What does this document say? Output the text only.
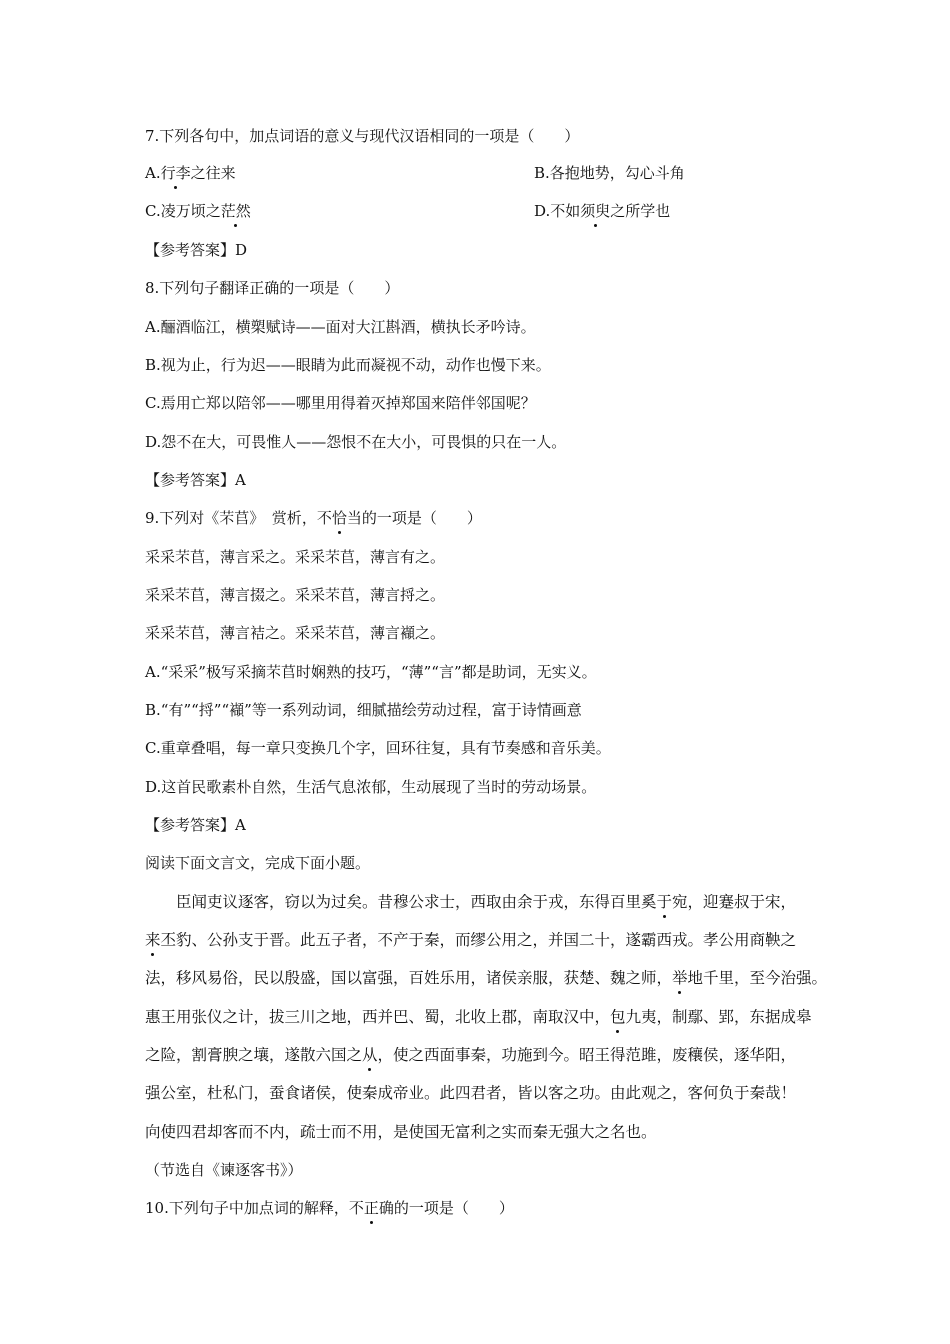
7.下列各句中，加点词语的意义与现代汉语相同的一项是（　　）
A.行李之往来	B.各抱地势，勾心斗角
C.凌万顷之茫然	D.不如须臾之所学也
【参考答案】D
8.下列句子翻译正确的一项是（　　）
A.酾酒临江，横槊赋诗——面对大江斟酒，横执长矛吟诗。
B.视为止，行为迟——眼睛为此而凝视不动，动作也慢下来。
C.焉用亡郑以陪邻——哪里用得着灭掉郑国来陪伴邻国呢？
D.怨不在大，可畏惟人——怨恨不在大小，可畏惧的只在一人。
【参考答案】A
9.下列对《芣苢》　赏析，不恰当的一项是（　　）
采采芣苢，薄言采之。采采芣苢，薄言有之。
采采芣苢，薄言掇之。采采芣苢，薄言捋之。
采采芣苢，薄言袺之。采采芣苢，薄言襭之。
A.“采采”极写采摘芣苢时娴熟的技巧，“薄”“言”都是助词，无实义。
B.“有”“捋”“襭”等一系列动词，细腻描绘劳动过程，富于诗情画意
C.重章叠唱，每一章只变换几个字，回环往复，具有节奏感和音乐美。
D.这首民歌素朴自然，生活气息浓郁，生动展现了当时的劳动场景。
【参考答案】A
阅读下面文言文，完成下面小题。
　　臣闻吏议逐客，窃以为过矣。昔穆公求士，西取由余于戎，东得百里奚于宛，迎蹇叔于宋，
来丕豹、公孙支于晋。此五子者，不产于秦，而缪公用之，并国二十，遂霸西戎。孝公用商鞅之
法，移风易俗，民以殷盛，国以富强，百姓乐用，诸侯亲服，获楚、魏之师，举地千里，至今治强。
惠王用张仪之计，拔三川之地，西并巴、蜀，北收上郡，南取汉中，包九夷，制鄢、郢，东据成皋
之险，割膏腴之壤，遂散六国之从，使之西面事秦，功施到今。昭王得范雎，废穰侯，逐华阳，
强公室，杜私门，蚕食诸侯，使秦成帝业。此四君者，皆以客之功。由此观之，客何负于秦哉！
向使四君却客而不内，疏士而不用，是使国无富利之实而秦无强大之名也。
（节选自《谏逐客书》）
10.下列句子中加点词的解释，不正确的一项是（　　）
